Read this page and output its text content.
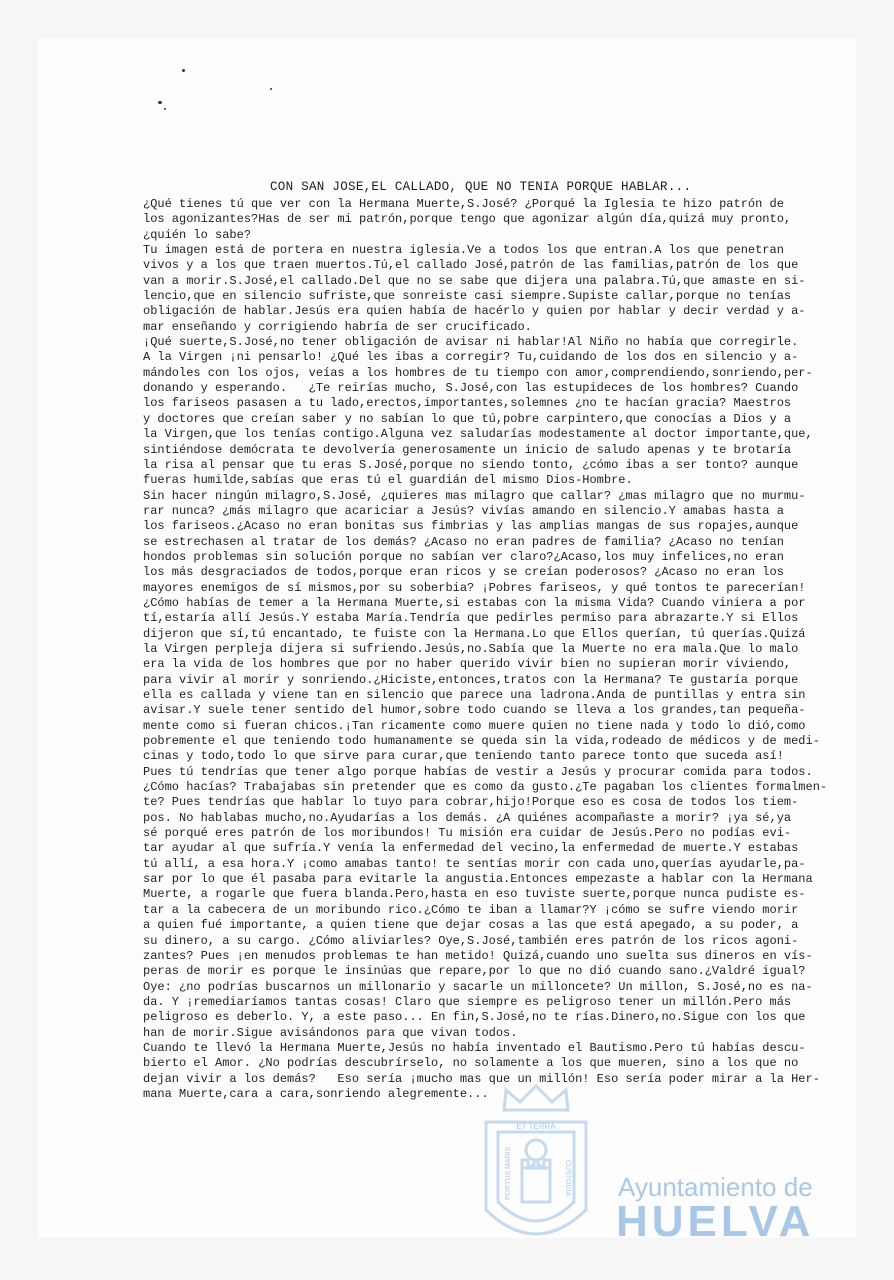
CON SAN JOSE,EL CALLADO, QUE NO TENIA PORQUE HABLAR...
¿Qué tienes tú que ver con la Hermana Muerte,S.José? ¿Porqué la Iglesia te hizo patrón de
los agonizantes?Has de ser mi patrón,porque tengo que agonizar algún día,quizá muy pronto,
¿quién lo sabe?
Tu imagen está de portera en nuestra iglesia.Ve a todos los que entran.A los que penetran
vivos y a los que traen muertos.Tú,el callado José,patrón de las familias,patrón de los que
van a morir.S.José,el callado.Del que no se sabe que dijera una palabra.Tú,que amaste en si-
lencio,que en silencio sufriste,que sonreiste casi siempre.Supiste callar,porque no tenías
obligación de hablar.Jesús era quien había de hacérlo y quien por hablar y decir verdad y a-
mar enseñando y corrigiendo habría de ser crucificado.
¡Qué suerte,S.José,no tener obligación de avisar ni hablar!Al Niño no había que corregirle.
A la Virgen ¡ni pensarlo! ¿Qué les ibas a corregir? Tu,cuidando de los dos en silencio y a-
mándoles con los ojos, veías a los hombres de tu tiempo con amor,comprendiendo,sonriendo,per-
donando y esperando.   ¿Te reirías mucho, S.José,con las estupideces de los hombres? Cuando
los fariseos pasasen a tu lado,erectos,importantes,solemnes ¿no te hacían gracia? Maestros
y doctores que creían saber y no sabían lo que tú,pobre carpintero,que conocías a Dios y a
la Virgen,que los tenías contigo.Alguna vez saludarías modestamente al doctor importante,que,
sintiéndose demócrata te devolvería generosamente un inicio de saludo apenas y te brotaría
la risa al pensar que tu eras S.José,porque no siendo tonto, ¿cómo ibas a ser tonto? aunque
fueras humilde,sabías que eras tú el guardián del mismo Dios-Hombre.
Sin hacer ningún milagro,S.José, ¿quieres mas milagro que callar? ¿mas milagro que no murmu-
rar nunca? ¿más milagro que acariciar a Jesús? vivías amando en silencio.Y amabas hasta a
los fariseos.¿Acaso no eran bonitas sus fimbrias y las amplias mangas de sus ropajes,aunque
se estrechasen al tratar de los demás? ¿Acaso no eran padres de familia? ¿Acaso no tenían
hondos problemas sin solución porque no sabían ver claro?¿Acaso,los muy infelices,no eran
los más desgraciados de todos,porque eran ricos y se creían poderosos? ¿Acaso no eran los
mayores enemigos de sí mismos,por su soberbia? ¡Pobres fariseos, y qué tontos te parecerían!
¿Cómo habías de temer a la Hermana Muerte,si estabas con la misma Vida? Cuando viniera a por
tí,estaría allí Jesús.Y estaba María.Tendría que pedirles permiso para abrazarte.Y si Ellos
dijeron que sí,tú encantado, te fuiste con la Hermana.Lo que Ellos querían, tú querías.Quizá
la Virgen perpleja dijera si sufriendo.Jesús,no.Sabía que la Muerte no era mala.Que lo malo
era la vida de los hombres que por no haber querido vivir bien no supieran morir viviendo,
para vivir al morir y sonriendo.¿Hiciste,entonces,tratos con la Hermana? Te gustaría porque
ella es callada y viene tan en silencio que parece una ladrona.Anda de puntillas y entra sin
avisar.Y suele tener sentido del humor,sobre todo cuando se lleva a los grandes,tan pequeña-
mente como si fueran chicos.¡Tan ricamente como muere quien no tiene nada y todo lo dió,como
pobremente el que teniendo todo humanamente se queda sin la vida,rodeado de médicos y de medi-
cinas y todo,todo lo que sirve para curar,que teniendo tanto parece tonto que suceda así!
Pues tú tendrías que tener algo porque habías de vestir a Jesús y procurar comida para todos.
¿Cómo hacías? Trabajabas sin pretender que es como da gusto.¿Te pagaban los clientes formalmen-
te? Pues tendrías que hablar lo tuyo para cobrar,hijo!Porque eso es cosa de todos los tiem-
pos. No hablabas mucho,no.Ayudarías a los demás. ¿A quiénes acompañaste a morir? ¡ya sé,ya
sé porqué eres patrón de los moribundos! Tu misión era cuidar de Jesús.Pero no podías evi-
tar ayudar al que sufría.Y venía la enfermedad del vecino,la enfermedad de muerte.Y estabas
tú allí, a esa hora.Y ¡como amabas tanto! te sentías morir con cada uno,querías ayudarle,pa-
sar por lo que él pasaba para evitarle la angustia.Entonces empezaste a hablar con la Hermana
Muerte, a rogarle que fuera blanda.Pero,hasta en eso tuviste suerte,porque nunca pudiste es-
tar a la cabecera de un moribundo rico.¿Cómo te iban a llamar?Y ¡cómo se sufre viendo morir
a quien fué importante, a quien tiene que dejar cosas a las que está apegado, a su poder, a
su dinero, a su cargo. ¿Cómo aliviarles? Oye,S.José,también eres patrón de los ricos agoni-
zantes? Pues ¡en menudos problemas te han metido! Quizá,cuando uno suelta sus dineros en vís-
peras de morir es porque le insinúas que repare,por lo que no dió cuando sano.¿Valdré igual?
Oye: ¿no podrías buscarnos un millonario y sacarle un milloncete? Un millon, S.José,no es na-
da. Y ¡remediaríamos tantas cosas! Claro que siempre es peligroso tener un millón.Pero más
peligroso es deberlo. Y, a este paso... En fin,S.José,no te rías.Dinero,no.Sigue con los que
han de morir.Sigue avisándonos para que vivan todos.
Cuando te llevó la Hermana Muerte,Jesús no había inventado el Bautismo.Pero tú habías descu-
bierto el Amor. ¿No podrías descubrírselo, no solamente a los que mueren, sino a los que no
dejan vivir a los demás?   Eso sería ¡mucho mas que un millón! Eso sería poder mirar a la Her-
mana Muerte,cara a cara,sonriendo alegremente...
ET TERRA
PORTUS MARIS	CUSTODIA Ayuntamiento de
HUELVA
